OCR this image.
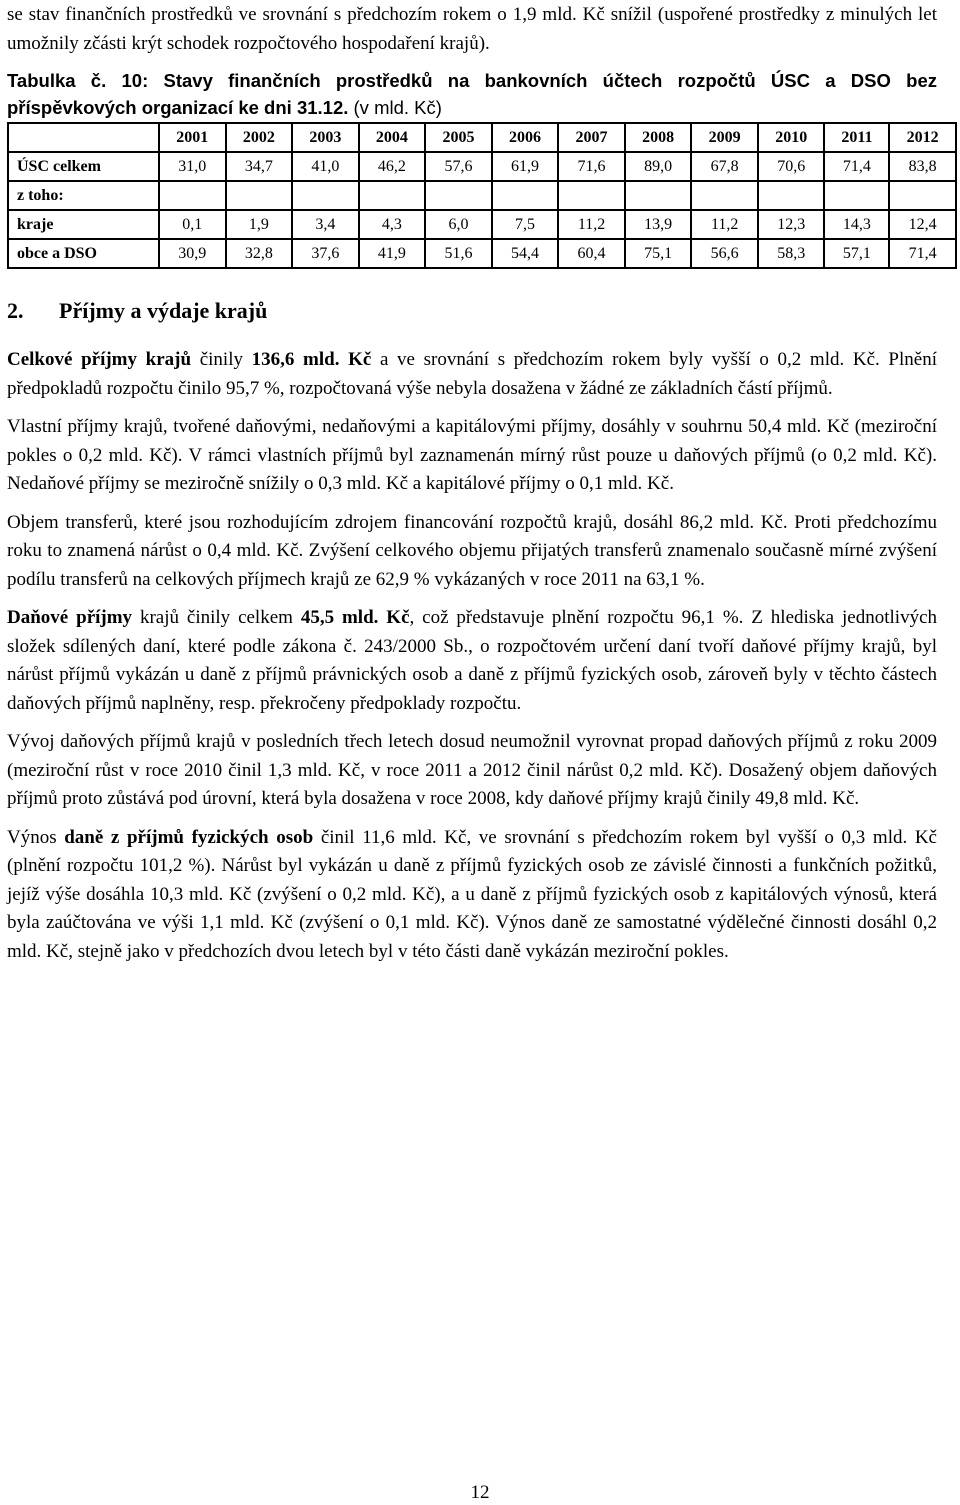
se stav finančních prostředků ve srovnání s předchozím rokem o 1,9 mld. Kč snížil (uspořené prostředky z minulých let umožnily zčásti krýt schodek rozpočtového hospodaření krajů).

Tabulka č. 10: Stavy finančních prostředků na bankovních účtech rozpočtů ÚSC a DSO bez příspěvkových organizací ke dni 31.12. (v mld. Kč)
	2001	2002	2003	2004	2005	2006	2007	2008	2009	2010	2011	2012
ÚSC celkem	31,0	34,7	41,0	46,2	57,6	61,9	71,6	89,0	67,8	70,6	71,4	83,8
z toho:												
kraje	0,1	1,9	3,4	4,3	6,0	7,5	11,2	13,9	11,2	12,3	14,3	12,4
obce a DSO	30,9	32,8	37,6	41,9	51,6	54,4	60,4	75,1	56,6	58,3	57,1	71,4
2. Příjmy a výdaje krajů

Celkové příjmy krajů činily 136,6 mld. Kč a ve srovnání s předchozím rokem byly vyšší o 0,2 mld. Kč. Plnění předpokladů rozpočtu činilo 95,7 %, rozpočtovaná výše nebyla dosažena v žádné ze základních částí příjmů.

Vlastní příjmy krajů, tvořené daňovými, nedaňovými a kapitálovými příjmy, dosáhly v souhrnu 50,4 mld. Kč (meziroční pokles o 0,2 mld. Kč). V rámci vlastních příjmů byl zaznamenán mírný růst pouze u daňových příjmů (o 0,2 mld. Kč). Nedaňové příjmy se meziročně snížily o 0,3 mld. Kč a kapitálové příjmy o 0,1 mld. Kč.

Objem transferů, které jsou rozhodujícím zdrojem financování rozpočtů krajů, dosáhl 86,2 mld. Kč. Proti předchozímu roku to znamená nárůst o 0,4 mld. Kč. Zvýšení celkového objemu přijatých transferů znamenalo současně mírné zvýšení podílu transferů na celkových příjmech krajů ze 62,9 % vykázaných v roce 2011 na 63,1 %.

Daňové příjmy krajů činily celkem 45,5 mld. Kč, což představuje plnění rozpočtu 96,1 %. Z hlediska jednotlivých složek sdílených daní, které podle zákona č. 243/2000 Sb., o rozpočtovém určení daní tvoří daňové příjmy krajů, byl nárůst příjmů vykázán u daně z příjmů právnických osob a daně z příjmů fyzických osob, zároveň byly v těchto částech daňových příjmů naplněny, resp. překročeny předpoklady rozpočtu.

Vývoj daňových příjmů krajů v posledních třech letech dosud neumožnil vyrovnat propad daňových příjmů z roku 2009 (meziroční růst v roce 2010 činil 1,3 mld. Kč, v roce 2011 a 2012 činil nárůst 0,2 mld. Kč). Dosažený objem daňových příjmů proto zůstává pod úrovní, která byla dosažena v roce 2008, kdy daňové příjmy krajů činily 49,8 mld. Kč.

Výnos daně z příjmů fyzických osob činil 11,6 mld. Kč, ve srovnání s předchozím rokem byl vyšší o 0,3 mld. Kč (plnění rozpočtu 101,2 %). Nárůst byl vykázán u daně z příjmů fyzických osob ze závislé činnosti a funkčních požitků, jejíž výše dosáhla 10,3 mld. Kč (zvýšení o 0,2 mld. Kč), a u daně z příjmů fyzických osob z kapitálových výnosů, která byla zaúčtována ve výši 1,1 mld. Kč (zvýšení o 0,1 mld. Kč). Výnos daně ze samostatné výdělečné činnosti dosáhl 0,2 mld. Kč, stejně jako v předchozích dvou letech byl v této části daně vykázán meziroční pokles.

12
